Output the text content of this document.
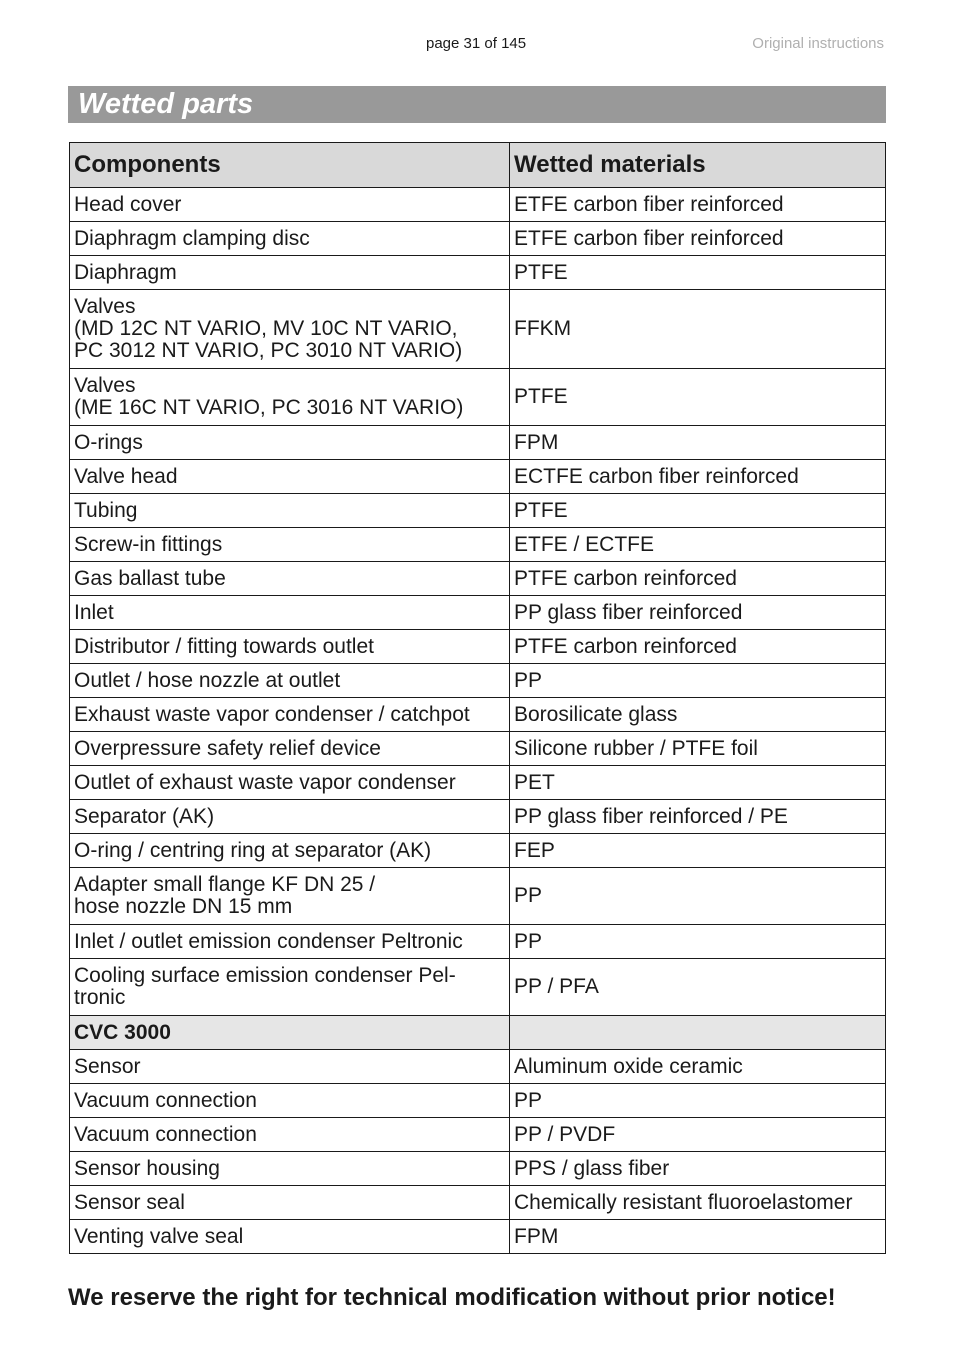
page 31 of 145	Original instructions
Wetted parts
Components	Wetted materials
Head cover	ETFE carbon fiber reinforced
Diaphragm clamping disc	ETFE carbon fiber reinforced
Diaphragm	PTFE

Valves
(MD 12C NT VARIO, MV 10C NT VARIO,
PC 3012 NT VARIO, PC 3010 NT VARIO)	FFKM

Valves
(ME 16C NT VARIO, PC 3016 NT VARIO)	PTFE
O-rings	FPM
Valve head	ECTFE carbon fiber reinforced
Tubing	PTFE
Screw-in fittings	ETFE / ECTFE
Gas ballast tube	PTFE carbon reinforced
Inlet	PP glass fiber reinforced
Distributor / fitting towards outlet	PTFE carbon reinforced
Outlet / hose nozzle at outlet	PP
Exhaust waste vapor condenser / catchpot	Borosilicate glass
Overpressure safety relief device	Silicone rubber / PTFE foil
Outlet of exhaust waste vapor condenser	PET
Separator (AK)	PP glass fiber reinforced / PE
O-ring / centring ring at separator (AK)	FEP

Adapter small flange KF DN 25 /
hose nozzle DN 15 mm	PP
Inlet / outlet emission condenser Peltronic	PP

Cooling surface emission condenser Pel-
tronic	PP / PFA
CVC 3000	
Sensor	Aluminum oxide ceramic
Vacuum connection	PP
Vacuum connection	PP / PVDF
Sensor housing	PPS / glass fiber
Sensor seal	Chemically resistant fluoroelastomer
Venting valve seal	FPM
We reserve the right for technical modification without prior notice!
